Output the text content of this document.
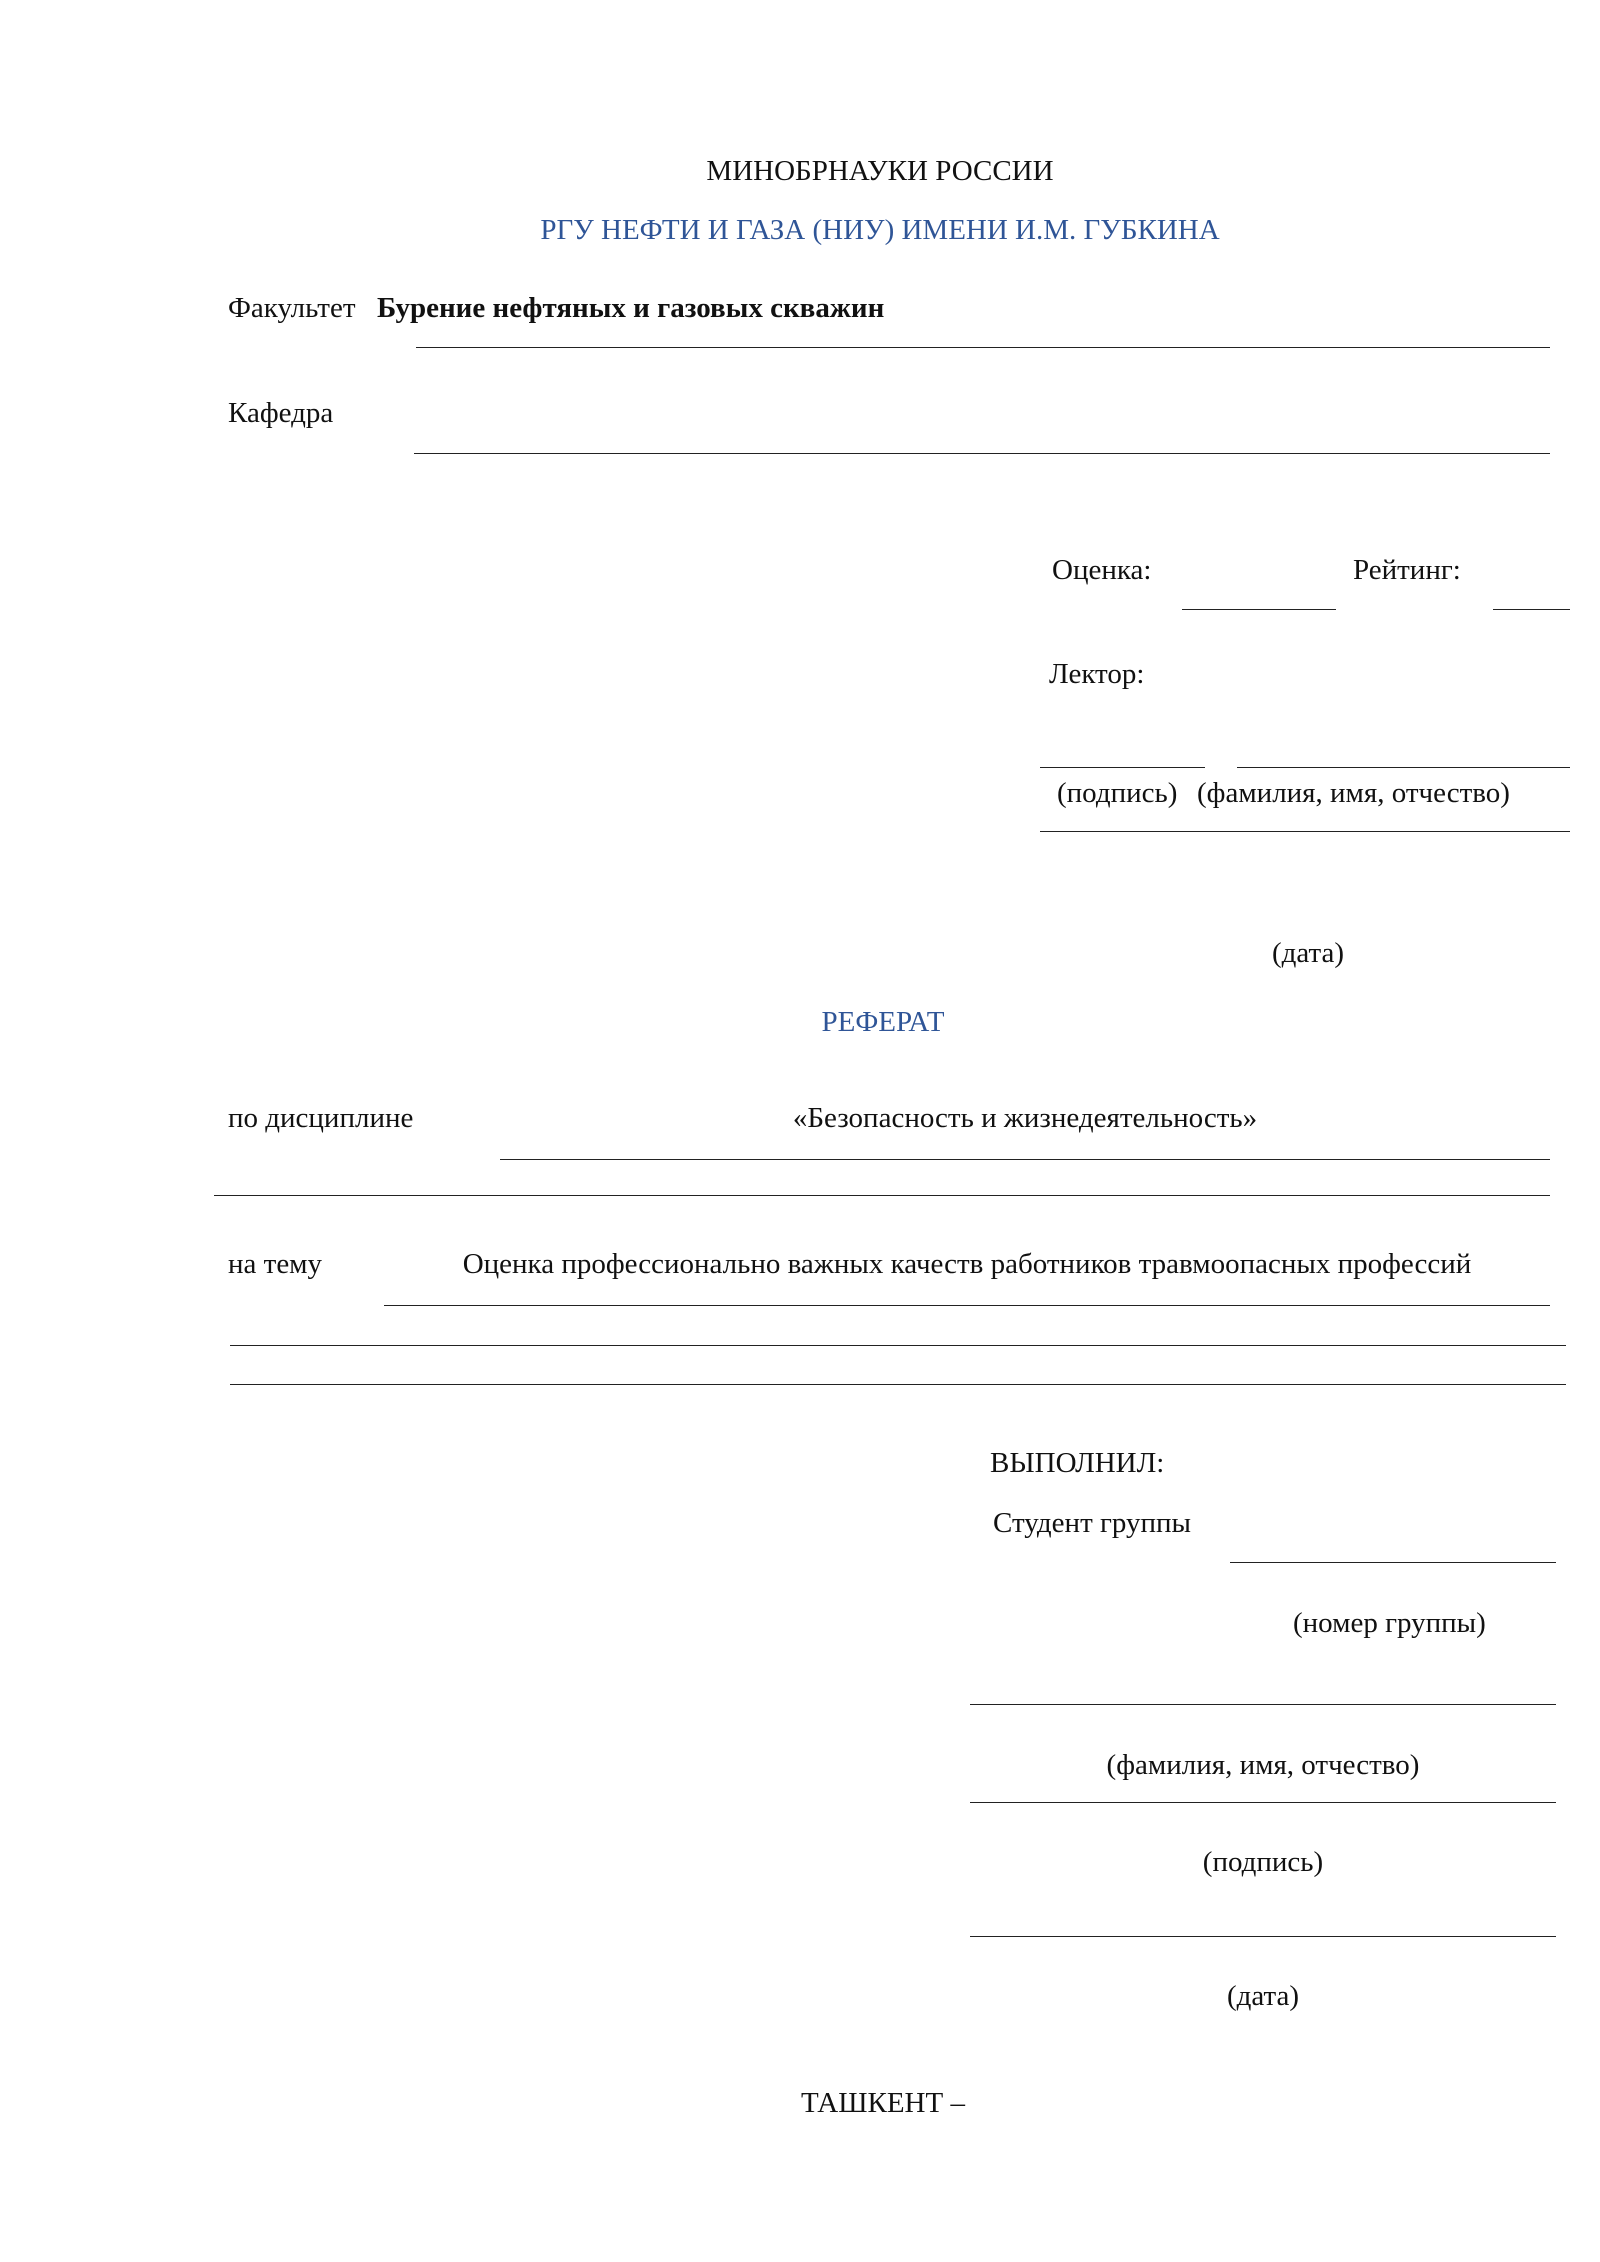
МИНОБРНАУКИ РОССИИ
РГУ НЕФТИ И ГАЗА (НИУ) ИМЕНИ И.М. ГУБКИНА
Факультет Бурение нефтяных и газовых скважин
Кафедра
Оценка:	Рейтинг:
Лектор:
(подпись) (фамилия, имя, отчество)
(дата)
РЕФЕРАТ
по дисциплине	«Безопасность и жизнедеятельность»
на тему	Оценка профессионально важных качеств работников травмоопасных профессий
ВЫПОЛНИЛ:
Студент группы
(номер группы)
(фамилия, имя, отчество)
(подпись)
(дата)
ТАШКЕНТ –
